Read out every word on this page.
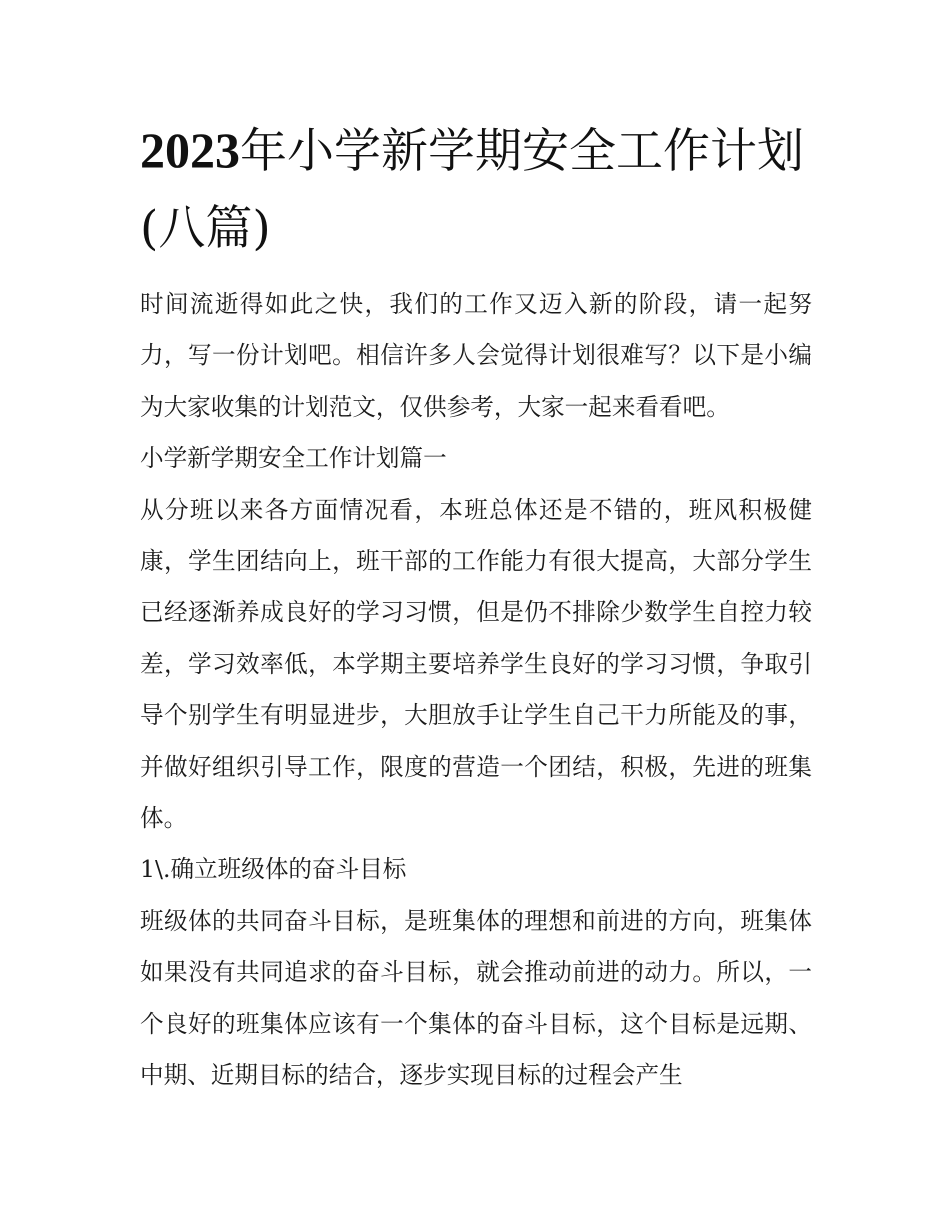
2023年小学新学期安全工作计划(八篇)

时间流逝得如此之快，我们的工作又迈入新的阶段，请一起努力，写一份计划吧。相信许多人会觉得计划很难写？以下是小编为大家收集的计划范文，仅供参考，大家一起来看看吧。

小学新学期安全工作计划篇一

从分班以来各方面情况看，本班总体还是不错的，班风积极健康，学生团结向上，班干部的工作能力有很大提高，大部分学生已经逐渐养成良好的学习习惯，但是仍不排除少数学生自控力较差，学习效率低，本学期主要培养学生良好的学习习惯，争取引导个别学生有明显进步，大胆放手让学生自己干力所能及的事，并做好组织引导工作，限度的营造一个团结，积极，先进的班集体。

1\.确立班级体的奋斗目标

班级体的共同奋斗目标，是班集体的理想和前进的方向，班集体如果没有共同追求的奋斗目标，就会推动前进的动力。所以，一个良好的班集体应该有一个集体的奋斗目标，这个目标是远期、中期、近期目标的结合，逐步实现目标的过程会产生
